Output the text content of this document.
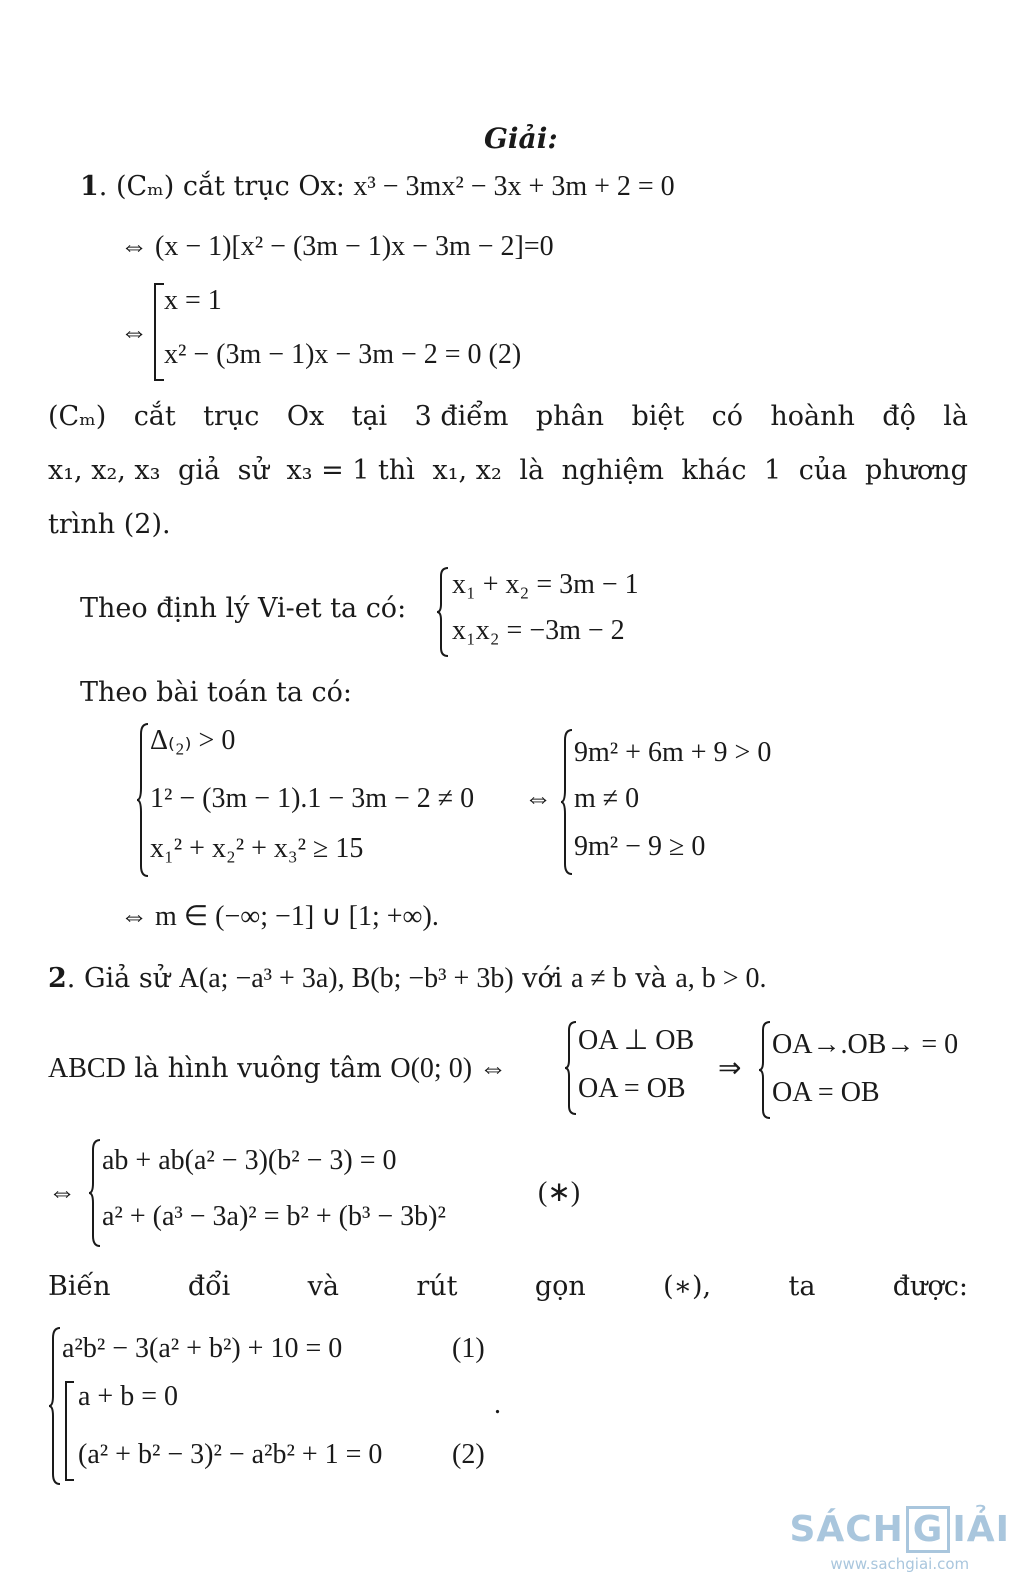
Giải:
1. (Cₘ) cắt trục Ox: x³ − 3mx² − 3x + 3m + 2 = 0
⇔ (x − 1)[x² − (3m − 1)x − 3m − 2]=0
⇔
x = 1
x² − (3m − 1)x − 3m − 2 = 0 (2)
(Cₘ) cắt trục Ox tại 3 điểm phân biệt có hoành độ là
x₁, x₂, x₃ giả sử x₃ = 1 thì x₁, x₂ là nghiệm khác 1 của phương
trình (2).
Theo định lý Vi-et ta có:
x₁ + x₂ = 3m − 1
x₁x₂ = −3m − 2
Theo bài toán ta có:
Δ₍₂₎ > 0
1² − (3m − 1).1 − 3m − 2 ≠ 0
x₁² + x₂² + x₃² ≥ 15
⇔
9m² + 6m + 9 > 0
m ≠ 0
9m² − 9 ≥ 0
⇔ m ∈ (−∞; −1] ∪ [1; +∞).
2. Giả sử A(a; −a³ + 3a), B(b; −b³ + 3b) với a ≠ b và a, b > 0.
ABCD là hình vuông tâm O(0; 0) ⇔
OA ⊥ OB
OA = OB
⇒
OA→.OB→ = 0
OA = OB
⇔
ab + ab(a² − 3)(b² − 3) = 0
a² + (a³ − 3a)² = b² + (b³ − 3b)²
(∗)
Biến	đổi	và	rút	gọn	(∗),	ta	được:
a²b² − 3(a² + b²) + 10 = 0	(1)
a + b = 0
(a² + b² − 3)² − a²b² + 1 = 0 (2)
.
SÁCH G IẢI
www.sachgiai.com
